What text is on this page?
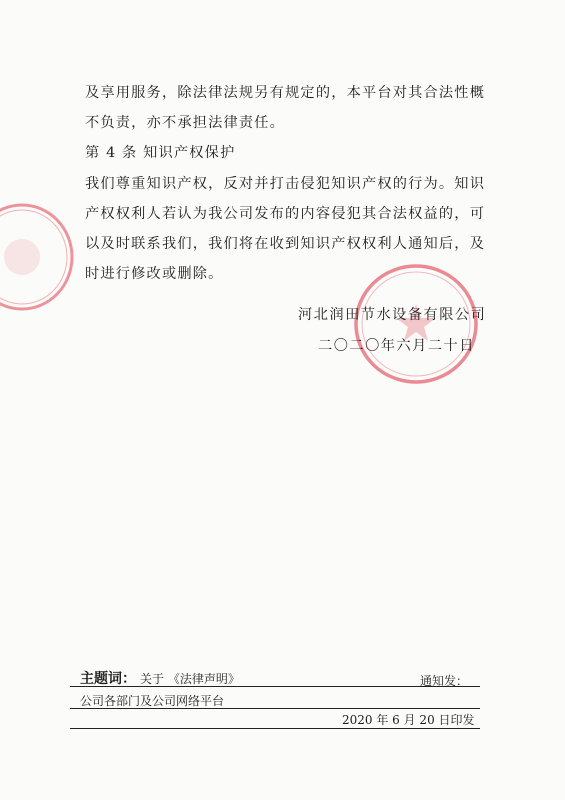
及享用服务，除法律法规另有规定的，本平台对其合法性概
不负责，亦不承担法律责任。
第 4 条 知识产权保护
我们尊重知识产权，反对并打击侵犯知识产权的行为。知识
产权权利人若认为我公司发布的内容侵犯其合法权益的，可
以及时联系我们，我们将在收到知识产权权利人通知后，及
时进行修改或删除。
河北润田节水设备有限公司
二〇二〇年六月二十日
主题词： 关于 《法律声明》	通知发：
公司各部门及公司网络平台
2020 年 6 月 20 日印发
